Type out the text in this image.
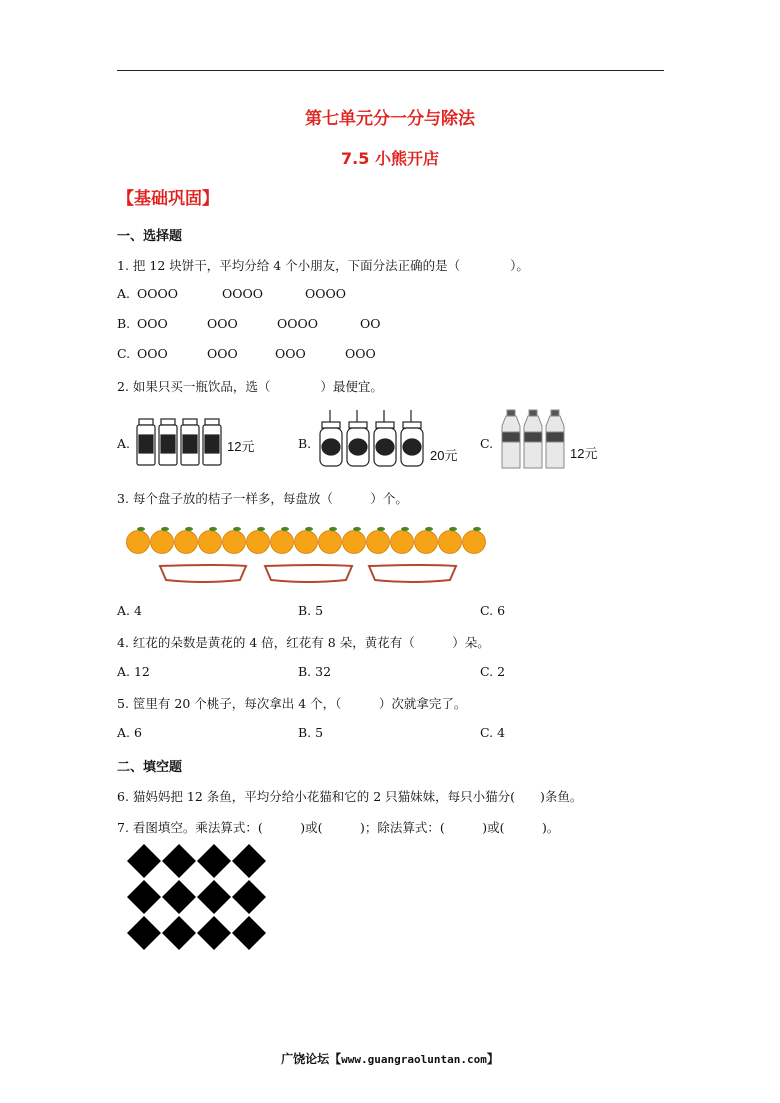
第七单元分一分与除法
7.5 小熊开店
【基础巩固】
一、选择题
1. 把 12 块饼干，平均分给 4 个小朋友，下面分法正确的是（　　　　）。
A. OOOO	OOOO	OOOO
B. OOO	OOO	OOOO	OO
C. OOO	OOO	OOO	OOO
2. 如果只买一瓶饮品，选（　　　　）最便宜。
A.	12元	B.
20元
C.
12元
3. 每个盘子放的桔子一样多，每盘放（　　　）个。
A. 4	B. 5	C. 6
4. 红花的朵数是黄花的 4 倍，红花有 8 朵，黄花有（　　　）朵。
A. 12	B. 32	C. 2
5. 筐里有 20 个桃子，每次拿出 4 个，（　　　）次就拿完了。
A. 6	B. 5	C. 4
二、填空题
6. 猫妈妈把 12 条鱼，平均分给小花猫和它的 2 只猫妹妹，每只小猫分(　　)条鱼。
7. 看图填空。乘法算式：(　　　)或(　　　)；除法算式：(　　　)或(　　　)。
广饶论坛【www.guangraoluntan.com】
